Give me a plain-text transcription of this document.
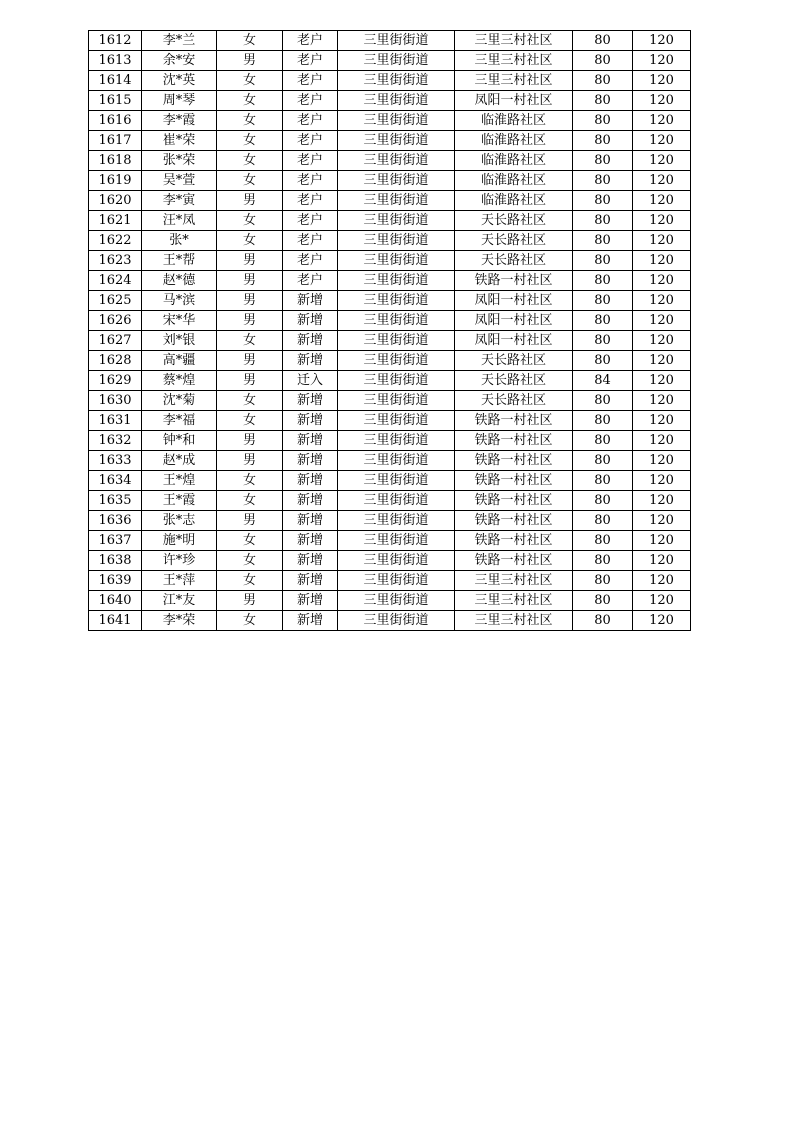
1612	李*兰	女	老户	三里街街道	三里三村社区	80	120
1613	余*安	男	老户	三里街街道	三里三村社区	80	120
1614	沈*英	女	老户	三里街街道	三里三村社区	80	120
1615	周*琴	女	老户	三里街街道	凤阳一村社区	80	120
1616	李*霞	女	老户	三里街街道	临淮路社区	80	120
1617	崔*荣	女	老户	三里街街道	临淮路社区	80	120
1618	张*荣	女	老户	三里街街道	临淮路社区	80	120
1619	吴*萱	女	老户	三里街街道	临淮路社区	80	120
1620	李*寅	男	老户	三里街街道	临淮路社区	80	120
1621	汪*凤	女	老户	三里街街道	天长路社区	80	120
1622	张*	女	老户	三里街街道	天长路社区	80	120
1623	王*帮	男	老户	三里街街道	天长路社区	80	120
1624	赵*德	男	老户	三里街街道	铁路一村社区	80	120
1625	马*滨	男	新增	三里街街道	凤阳一村社区	80	120
1626	宋*华	男	新增	三里街街道	凤阳一村社区	80	120
1627	刘*银	女	新增	三里街街道	凤阳一村社区	80	120
1628	高*疆	男	新增	三里街街道	天长路社区	80	120
1629	蔡*煌	男	迁入	三里街街道	天长路社区	84	120
1630	沈*菊	女	新增	三里街街道	天长路社区	80	120
1631	李*福	女	新增	三里街街道	铁路一村社区	80	120
1632	钟*和	男	新增	三里街街道	铁路一村社区	80	120
1633	赵*成	男	新增	三里街街道	铁路一村社区	80	120
1634	王*煌	女	新增	三里街街道	铁路一村社区	80	120
1635	王*霞	女	新增	三里街街道	铁路一村社区	80	120
1636	张*志	男	新增	三里街街道	铁路一村社区	80	120
1637	施*明	女	新增	三里街街道	铁路一村社区	80	120
1638	许*珍	女	新增	三里街街道	铁路一村社区	80	120
1639	王*萍	女	新增	三里街街道	三里三村社区	80	120
1640	江*友	男	新增	三里街街道	三里三村社区	80	120
1641	李*荣	女	新增	三里街街道	三里三村社区	80	120
